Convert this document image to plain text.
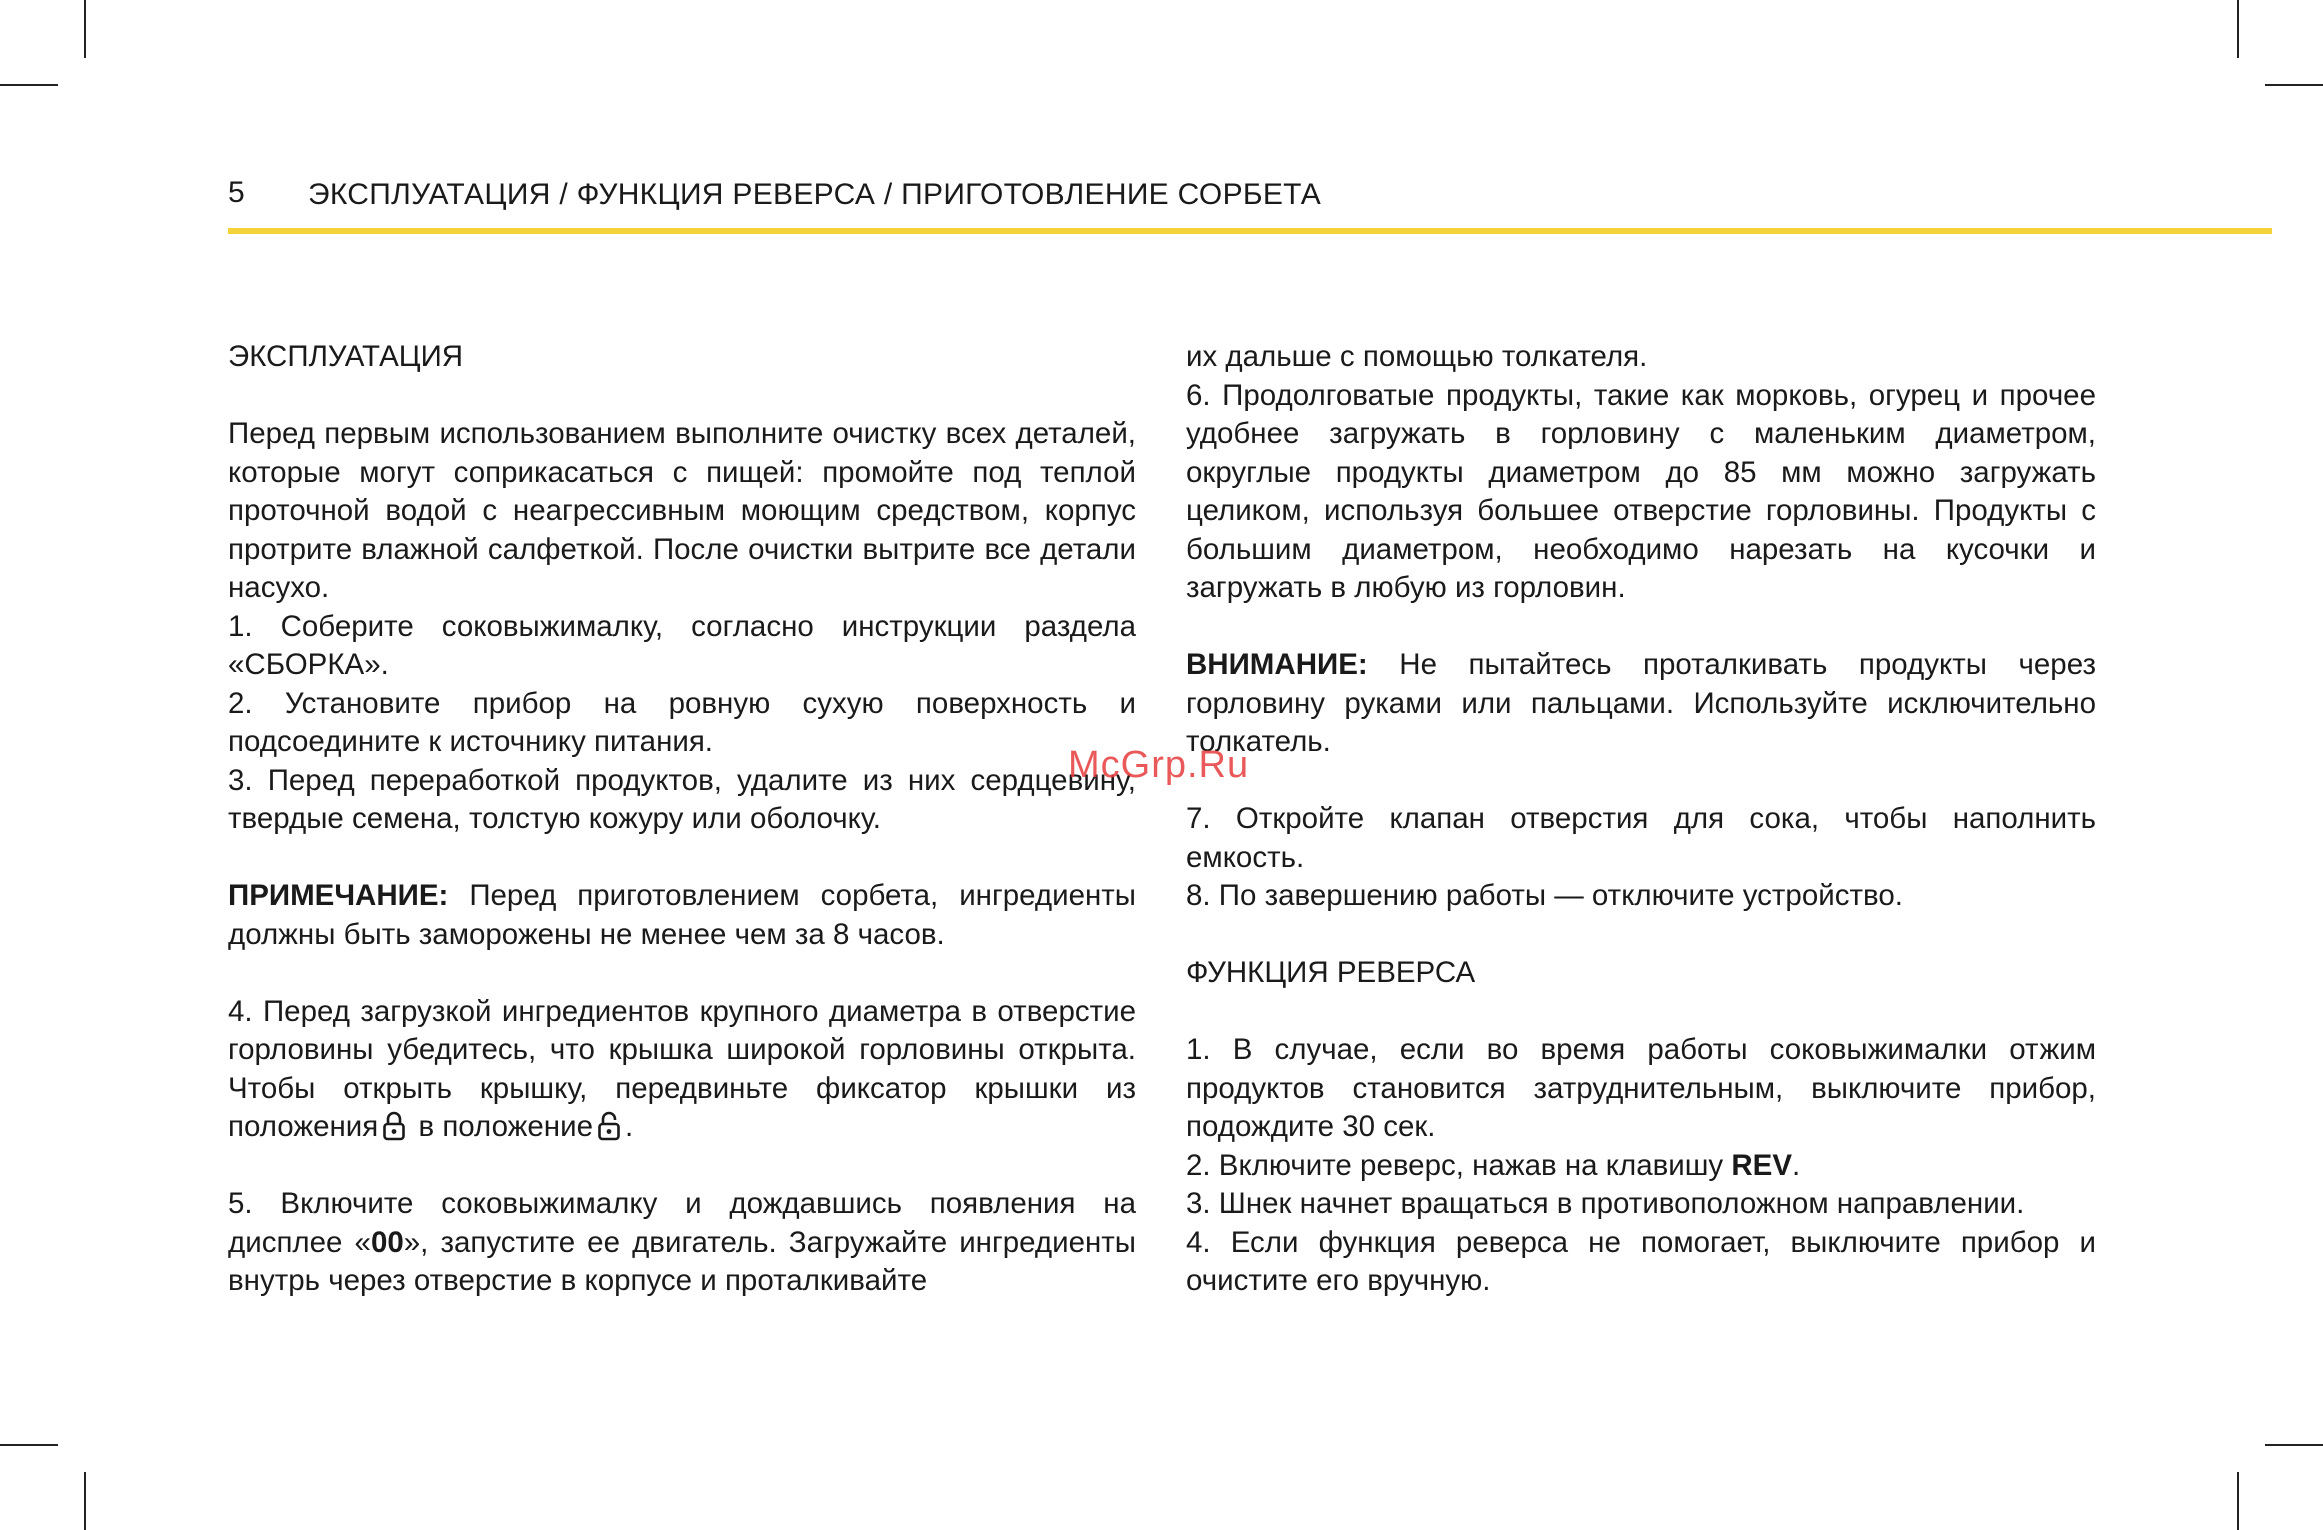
5 ЭКСПЛУАТАЦИЯ / ФУНКЦИЯ РЕВЕРСА / ПРИГОТОВЛЕНИЕ СОРБЕТА

ЭКСПЛУАТАЦИЯ

Перед первым использованием выполните очистку всех деталей, которые могут соприкасаться с пищей: промойте под теплой проточной водой с неагрессивным моющим средством, корпус протрите влажной салфеткой. После очистки вытрите все детали насухо.

1. Соберите соковыжималку, согласно инструкции раздела «СБОРКА».

2. Установите прибор на ровную сухую поверхность и подсоедините к источнику питания.

3. Перед переработкой продуктов, удалите из них сердцевину, твердые семена, толстую кожуру или оболочку.

ПРИМЕЧАНИЕ: Перед приготовлением сорбета, ингредиенты должны быть заморожены не менее чем за 8 часов.

4. Перед загрузкой ингредиентов крупного диаметра в отверстие горловины убедитесь, что крышка широкой горловины открыта. Чтобы открыть крышку, передвиньте фиксатор крышки из положения в положение .

5. Включите соковыжималку и дождавшись появления на дисплее «00», запустите ее двигатель. Загружайте ингредиенты внутрь через отверстие в корпусе и проталкивайте

их дальше с помощью толкателя.

6. Продолговатые продукты, такие как морковь, огурец и прочее удобнее загружать в горловину с маленьким диаметром, округлые продукты диаметром до 85 мм можно загружать целиком, используя большее отверстие горловины. Продукты с большим диаметром, необходимо нарезать на кусочки и загружать в любую из горловин.

ВНИМАНИЕ: Не пытайтесь проталкивать продукты через горловину руками или пальцами. Используйте исключительно толкатель.

7. Откройте клапан отверстия для сока, чтобы наполнить емкость.

8. По завершению работы — отключите устройство.

ФУНКЦИЯ РЕВЕРСА

1. В случае, если во время работы соковыжималки отжим продуктов становится затруднительным, выключите прибор, подождите 30 сек.

2. Включите реверс, нажав на клавишу REV.

3. Шнек начнет вращаться в противоположном направлении.

4. Если функция реверса не помогает, выключите прибор и очистите его вручную.

McGrp.Ru
